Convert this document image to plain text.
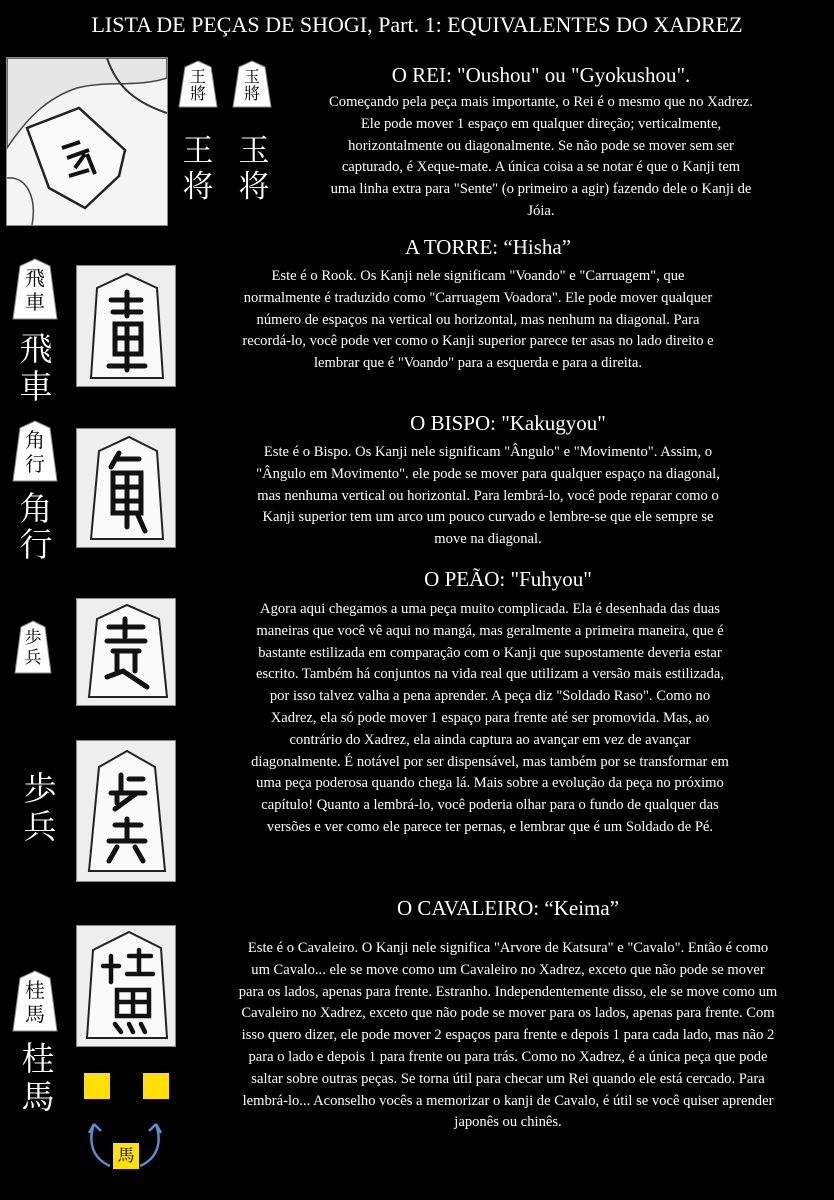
LISTA DE PEÇAS DE SHOGI, Part. 1: EQUIVALENTES DO XADREZ
王將
玉將
王
将
玉
将
O REI: "Oushou" ou "Gyokushou".

Começando pela peça mais importante, o Rei é o mesmo que no Xadrez.

Ele pode mover 1 espaço em qualquer direção; verticalmente,

horizontalmente ou diagonalmente. Se não pode se mover sem ser

capturado, é Xeque-mate. A única coisa a se notar é que o Kanji tem

uma linha extra para "Sente" (o primeiro a agir) fazendo dele o Kanji de

Jóia.

A TORRE: “Hisha”
飛車
飛
車

Este é o Rook. Os Kanji nele significam "Voando" e "Carruagem", que

normalmente é traduzido como "Carruagem Voadora". Ele pode mover qualquer

número de espaços na vertical ou horizontal, mas nenhum na diagonal. Para

recordá-lo, você pode ver como o Kanji superior parece ter asas no lado direito e

lembrar que é "Voando" para a esquerda e para a direita.

O BISPO: "Kakugyou"
角行
角
行

Este é o Bispo. Os Kanji nele significam "Ângulo" e "Movimento". Assim, o

"Ângulo em Movimento". ele pode se mover para qualquer espaço na diagonal,

mas nenhuma vertical ou horizontal. Para lembrá-lo, você pode reparar como o

Kanji superior tem um arco um pouco curvado e lembre-se que ele sempre se

move na diagonal.

O PEÃO: "Fuhyou"
歩兵
歩
兵

Agora aqui chegamos a uma peça muito complicada. Ela é desenhada das duas

maneiras que você vê aqui no mangá, mas geralmente a primeira maneira, que é

bastante estilizada em comparação com o Kanji que supostamente deveria estar

escrito. Também há conjuntos na vida real que utilizam a versão mais estilizada,

por isso talvez valha a pena aprender. A peça diz "Soldado Raso". Como no

Xadrez, ela só pode mover 1 espaço para frente até ser promovida. Mas, ao

contrário do Xadrez, ela ainda captura ao avançar em vez de avançar

diagonalmente. É notável por ser dispensável, mas também por se transformar em

uma peça poderosa quando chega lá. Mais sobre a evolução da peça no próximo

capítulo! Quanto a lembrá-lo, você poderia olhar para o fundo de qualquer das

versões e ver como ele parece ter pernas, e lembrar que é um Soldado de Pé.

O CAVALEIRO: “Keima”
桂馬
桂
馬
馬

Este é o Cavaleiro. O Kanji nele significa "Arvore de Katsura" e "Cavalo". Então é como

um Cavalo... ele se move como um Cavaleiro no Xadrez, exceto que não pode se mover

para os lados, apenas para frente. Estranho. Independentemente disso, ele se move como um

Cavaleiro no Xadrez, exceto que não pode se mover para os lados, apenas para frente. Com

isso quero dizer, ele pode mover 2 espaços para frente e depois 1 para cada lado, mas não 2

para o lado e depois 1 para frente ou para trás. Como no Xadrez, é a única peça que pode

saltar sobre outras peças. Se torna útil para checar um Rei quando ele está cercado. Para

lembrá-lo... Aconselho vocês a memorizar o kanji de Cavalo, é útil se você quiser aprender

japonês ou chinês.
